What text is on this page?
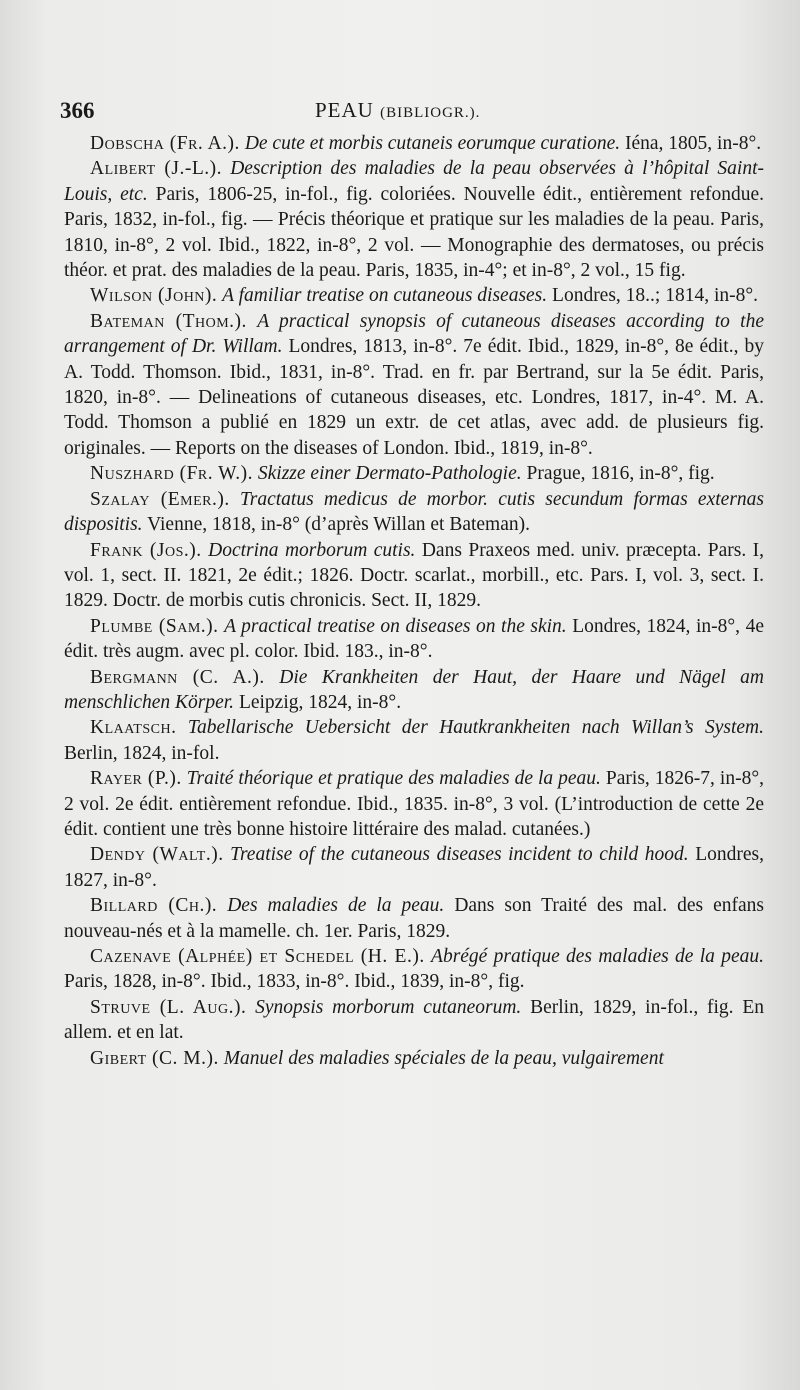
366	PEAU (BIBLIOGR.).
Dobscha (Fr. A.). De cute et morbis cutaneis eorumque curatione. Iéna, 1805, in-8°.
Alibert (J.-L.). Description des maladies de la peau observées à l’hôpital Saint-Louis, etc. Paris, 1806-25, in-fol., fig. coloriées. Nouvelle édit., entièrement refondue. Paris, 1832, in-fol., fig. — Précis théorique et pratique sur les maladies de la peau. Paris, 1810, in-8°, 2 vol. Ibid., 1822, in-8°, 2 vol. — Monographie des dermatoses, ou précis théor. et prat. des maladies de la peau. Paris, 1835, in-4°; et in-8°, 2 vol., 15 fig.
Wilson (John). A familiar treatise on cutaneous diseases. Londres, 18..; 1814, in-8°.
Bateman (Thom.). A practical synopsis of cutaneous diseases according to the arrangement of Dr. Willam. Londres, 1813, in-8°. 7e édit. Ibid., 1829, in-8°, 8e édit., by A. Todd. Thomson. Ibid., 1831, in-8°. Trad. en fr. par Bertrand, sur la 5e édit. Paris, 1820, in-8°. — Delineations of cutaneous diseases, etc. Londres, 1817, in-4°. M. A. Todd. Thomson a publié en 1829 un extr. de cet atlas, avec add. de plusieurs fig. originales. — Reports on the diseases of London. Ibid., 1819, in-8°.
Nuszhard (Fr. W.). Skizze einer Dermato-Pathologie. Prague, 1816, in-8°, fig.
Szalay (Emer.). Tractatus medicus de morbor. cutis secundum formas externas dispositis. Vienne, 1818, in-8° (d’après Willan et Bateman).
Frank (Jos.). Doctrina morborum cutis. Dans Praxeos med. univ. præcepta. Pars. I, vol. 1, sect. II. 1821, 2e édit.; 1826. Doctr. scarlat., morbill., etc. Pars. I, vol. 3, sect. I. 1829. Doctr. de morbis cutis chronicis. Sect. II, 1829.
Plumbe (Sam.). A practical treatise on diseases on the skin. Londres, 1824, in-8°, 4e édit. très augm. avec pl. color. Ibid. 183., in-8°.
Bergmann (C. A.). Die Krankheiten der Haut, der Haare und Nägel am menschlichen Körper. Leipzig, 1824, in-8°.
Klaatsch. Tabellarische Uebersicht der Hautkrankheiten nach Willan’s System. Berlin, 1824, in-fol.
Rayer (P.). Traité théorique et pratique des maladies de la peau. Paris, 1826-7, in-8°, 2 vol. 2e édit. entièrement refondue. Ibid., 1835. in-8°, 3 vol. (L’introduction de cette 2e édit. contient une très bonne histoire littéraire des malad. cutanées.)
Dendy (Walt.). Treatise of the cutaneous diseases incident to child hood. Londres, 1827, in-8°.
Billard (Ch.). Des maladies de la peau. Dans son Traité des mal. des enfans nouveau-nés et à la mamelle. ch. 1er. Paris, 1829.
Cazenave (Alphée) et Schedel (H. E.). Abrégé pratique des maladies de la peau. Paris, 1828, in-8°. Ibid., 1833, in-8°. Ibid., 1839, in-8°, fig.
Struve (L. Aug.). Synopsis morborum cutaneorum. Berlin, 1829, in-fol., fig. En allem. et en lat.
Gibert (C. M.). Manuel des maladies spéciales de la peau, vulgairement
